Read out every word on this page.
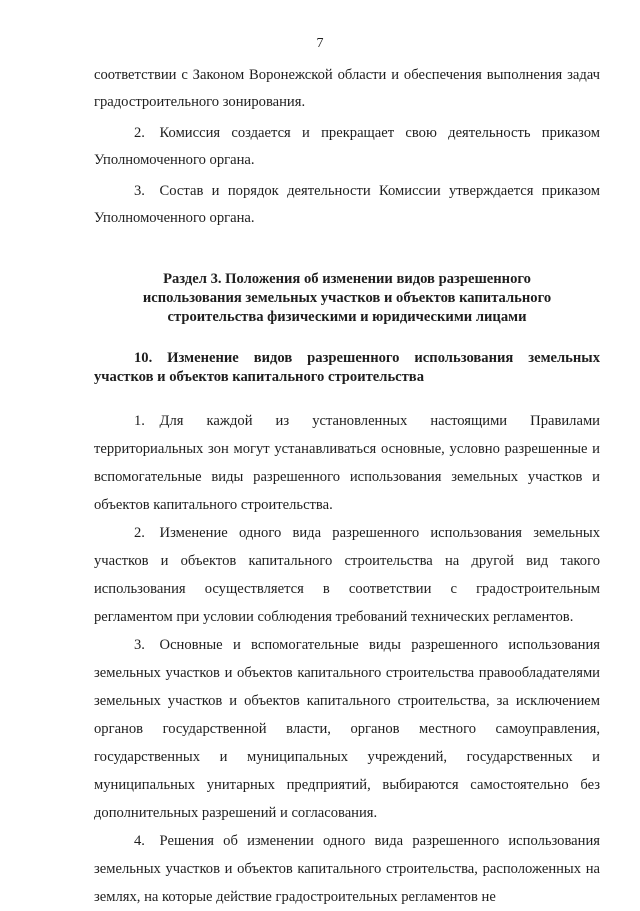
7

соответствии с Законом Воронежской области и обеспечения выполнения задач градостроительного зонирования.

2. Комиссия создается и прекращает свою деятельность приказом Уполномоченного органа.

3. Состав и порядок деятельности Комиссии утверждается приказом Уполномоченного органа.

Раздел 3. Положения об изменении видов разрешенного использования земельных участков и объектов капитального строительства физическими и юридическими лицами
10. Изменение видов разрешенного использования земельных участков и объектов капитального строительства

1. Для каждой из установленных настоящими Правилами территориальных зон могут устанавливаться основные, условно разрешенные и вспомогательные виды разрешенного использования земельных участков и объектов капитального строительства.

2. Изменение одного вида разрешенного использования земельных участков и объектов капитального строительства на другой вид такого использования осуществляется в соответствии с градостроительным регламентом при условии соблюдения требований технических регламентов.

3. Основные и вспомогательные виды разрешенного использования земельных участков и объектов капитального строительства правообладателями земельных участков и объектов капитального строительства, за исключением органов государственной власти, органов местного самоуправления, государственных и муниципальных учреждений, государственных и муниципальных унитарных предприятий, выбираются самостоятельно без дополнительных разрешений и согласования.

4. Решения об изменении одного вида разрешенного использования земельных участков и объектов капитального строительства, расположенных на землях, на которые действие градостроительных регламентов не
